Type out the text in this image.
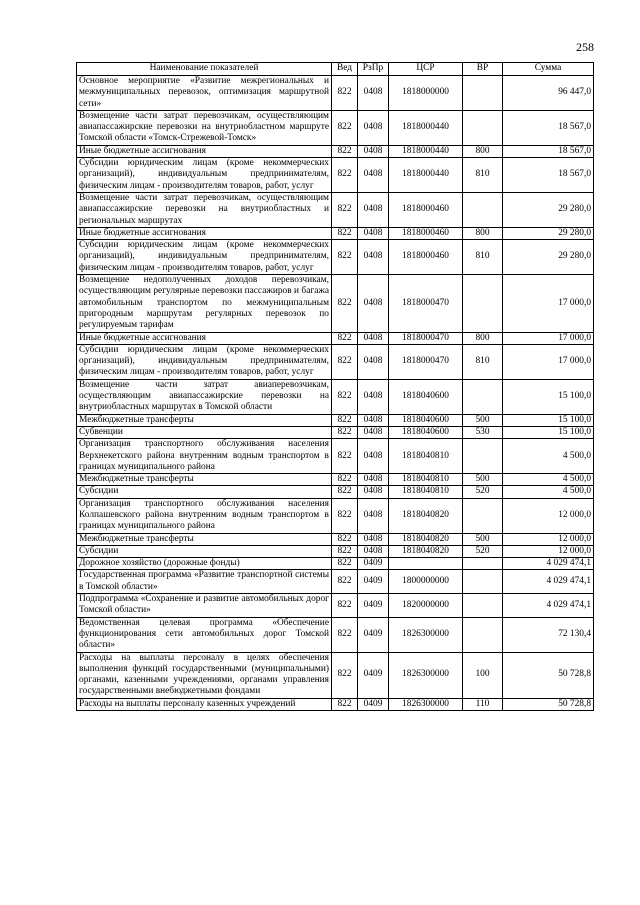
258
Наименование показателей	Вед	РзПр	ЦСР	ВР	Сумма
Основное мероприятие «Развитие межрегиональных и межмуниципальных перевозок, оптимизация маршрутной сети»	822	0408	1818000000		96 447,0
Возмещение части затрат перевозчикам, осуществляющим авиапассажирские перевозки на внутриобластном маршруте Томской области «Томск-Стрежевой-Томск»	822	0408	1818000440		18 567,0
Иные бюджетные ассигнования	822	0408	1818000440	800	18 567,0
Субсидии юридическим лицам (кроме некоммерческих организаций), индивидуальным предпринимателям, физическим лицам - производителям товаров, работ, услуг	822	0408	1818000440	810	18 567,0
Возмещение части затрат перевозчикам, осуществляющим авиапассажирские перевозки на внутриобластных и региональных маршрутах	822	0408	1818000460		29 280,0
Иные бюджетные ассигнования	822	0408	1818000460	800	29 280,0
Субсидии юридическим лицам (кроме некоммерческих организаций), индивидуальным предпринимателям, физическим лицам - производителям товаров, работ, услуг	822	0408	1818000460	810	29 280,0
Возмещение недополученных доходов перевозчикам, осуществляющим регулярные перевозки пассажиров и багажа автомобильным транспортом по межмуниципальным пригородным маршрутам регулярных перевозок по регулируемым тарифам	822	0408	1818000470		17 000,0
Иные бюджетные ассигнования	822	0408	1818000470	800	17 000,0
Субсидии юридическим лицам (кроме некоммерческих организаций), индивидуальным предпринимателям, физическим лицам - производителям товаров, работ, услуг	822	0408	1818000470	810	17 000,0
Возмещение части затрат авиаперевозчикам, осуществляющим авиапассажирские перевозки на внутриобластных маршрутах в Томской области	822	0408	1818040600		15 100,0
Межбюджетные трансферты	822	0408	1818040600	500	15 100,0
Субвенции	822	0408	1818040600	530	15 100,0
Организация транспортного обслуживания населения Верхнекетского района внутренним водным транспортом в границах муниципального района	822	0408	1818040810		4 500,0
Межбюджетные трансферты	822	0408	1818040810	500	4 500,0
Субсидии	822	0408	1818040810	520	4 500,0
Организация транспортного обслуживания населения Колпашевского района внутренним водным транспортом в границах муниципального района	822	0408	1818040820		12 000,0
Межбюджетные трансферты	822	0408	1818040820	500	12 000,0
Субсидии	822	0408	1818040820	520	12 000,0
Дорожное хозяйство (дорожные фонды)	822	0409			4 029 474,1
Государственная программа «Развитие транспортной системы в Томской области»	822	0409	1800000000		4 029 474,1
Подпрограмма «Сохранение и развитие автомобильных дорог Томской области»	822	0409	1820000000		4 029 474,1
Ведомственная целевая программа «Обеспечение функционирования сети автомобильных дорог Томской области»	822	0409	1826300000		72 130,4
Расходы на выплаты персоналу в целях обеспечения выполнения функций государственными (муниципальными) органами, казенными учреждениями, органами управления государственными внебюджетными фондами	822	0409	1826300000	100	50 728,8
Расходы на выплаты персоналу казенных учреждений	822	0409	1826300000	110	50 728,8
